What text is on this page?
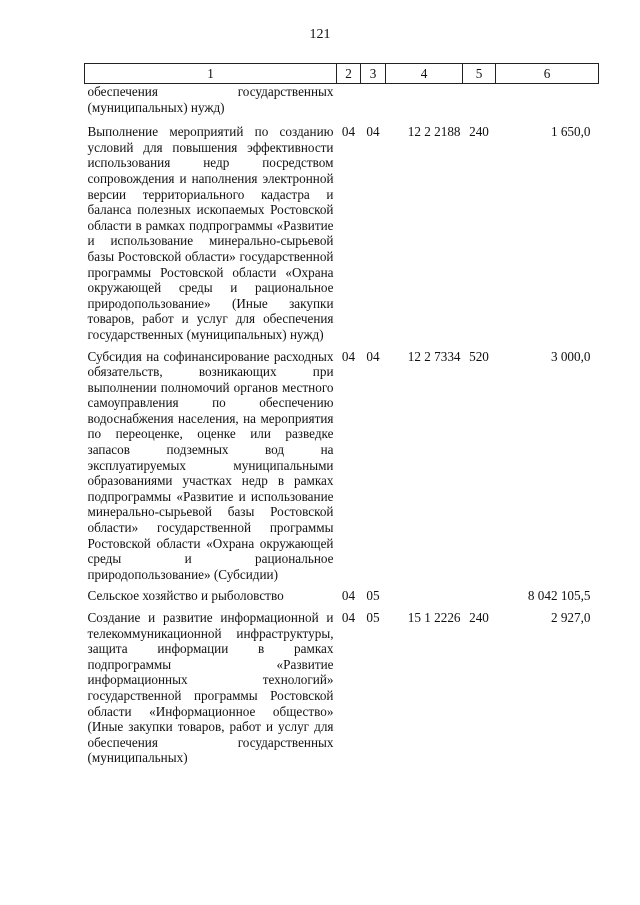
121
1	2	3	4	5	6
обеспечения государственных (муниципальных) нужд)					
Выполнение мероприятий по созданию условий для повышения эффективности использования недр посредством сопровождения и наполнения электронной версии территориального кадастра и баланса полезных ископаемых Ростовской области в рамках подпрограммы «Развитие и использование минерально-сырьевой базы Ростовской области» государственной программы Ростовской области «Охрана окружающей среды и рациональное природопользование» (Иные закупки товаров, работ и услуг для обеспечения государственных (муниципальных) нужд)	04	04	12 2 2188	240	1 650,0
Субсидия на софинансирование расходных обязательств, возникающих при выполнении полномочий органов местного самоуправления по обеспечению водоснабжения населения, на мероприятия по переоценке, оценке или разведке запасов подземных вод на эксплуатируемых муниципальными образованиями участках недр в рамках подпрограммы «Развитие и использование минерально-сырьевой базы Ростовской области» государственной программы Ростовской области «Охрана окружающей среды и рациональное природопользование» (Субсидии)	04	04	12 2 7334	520	3 000,0
Сельское хозяйство и рыболовство	04	05			8 042 105,5
Создание и развитие информационной и телекоммуникационной инфраструктуры, защита информации в рамках подпрограммы «Развитие информационных технологий» государственной программы Ростовской области «Информационное общество» (Иные закупки товаров, работ и услуг для обеспечения государственных (муниципальных)	04	05	15 1 2226	240	2 927,0
